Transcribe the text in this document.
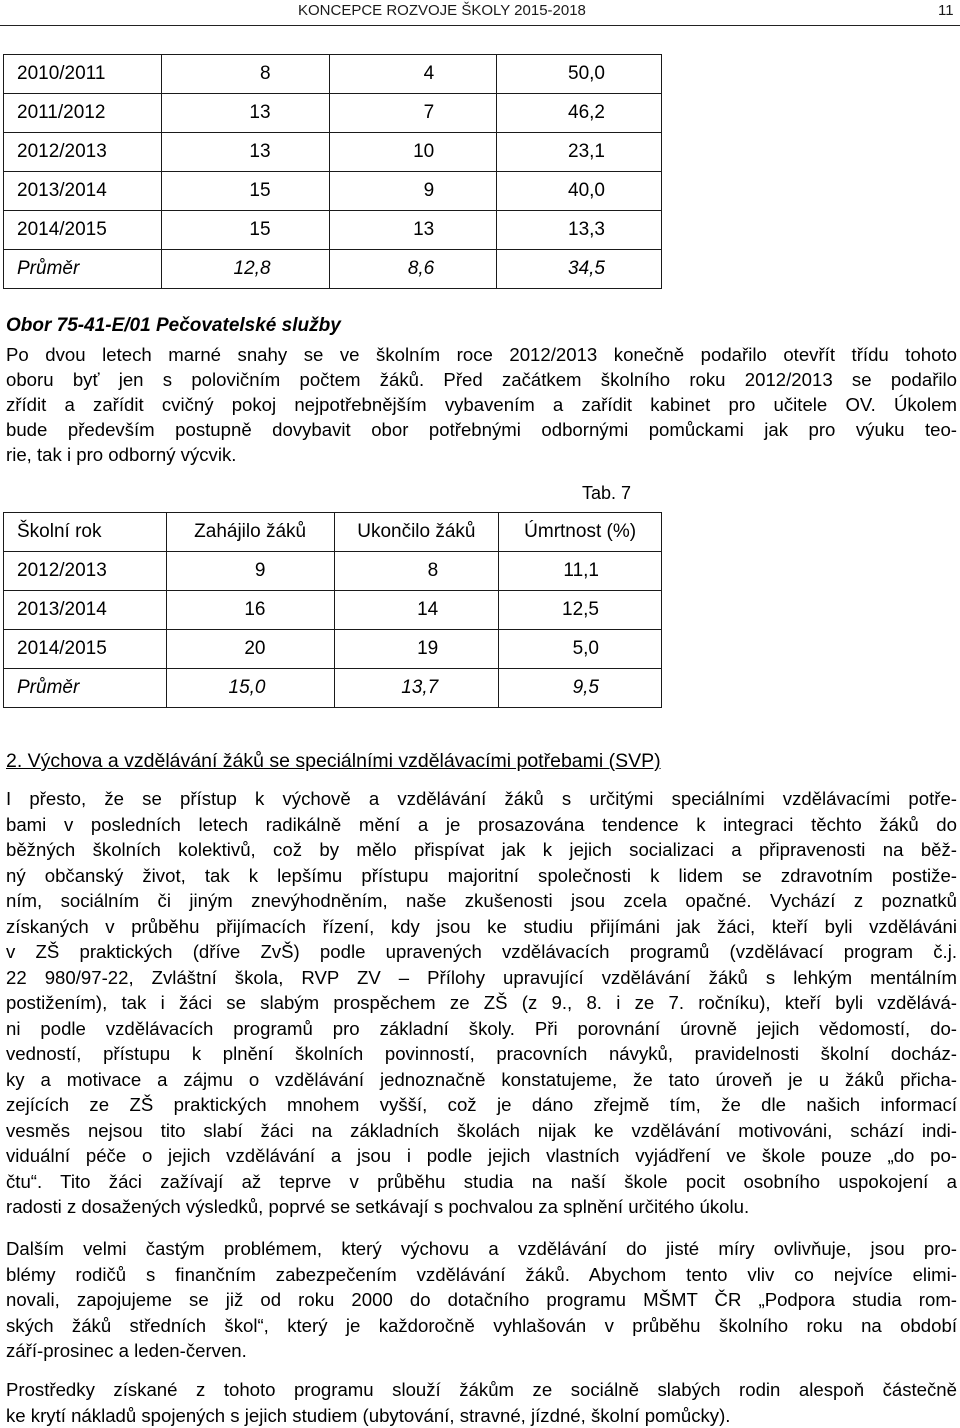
KONCEPCE ROZVOJE ŠKOLY 2015-2018	11
2010/2011	8	4	50,0
2011/2012	13	7	46,2
2012/2013	13	10	23,1
2013/2014	15	9	40,0
2014/2015	15	13	13,3
Průměr	12,8	8,6	34,5
Obor 75-41-E/01 Pečovatelské služby
Po dvou letech marné snahy se ve školním roce 2012/2013 konečně podařilo otevřít třídu tohoto
oboru byť jen s polovičním počtem žáků. Před začátkem školního roku 2012/2013 se podařilo
zřídit a zařídit cvičný pokoj nejpotřebnějším vybavením a zařídit kabinet pro učitele OV. Úkolem
bude především postupně dovybavit obor potřebnými odbornými pomůckami jak pro výuku teo-
rie, tak i pro odborný výcvik.
Tab. 7
Školní rok	Zahájilo žáků	Ukončilo žáků	Úmrtnost (%)
2012/2013	9	8	11,1
2013/2014	16	14	12,5
2014/2015	20	19	5,0
Průměr	15,0	13,7	9,5
2. Výchova a vzdělávání žáků se speciálními vzdělávacími potřebami (SVP)
I přesto, že se přístup k výchově a vzdělávání žáků s určitými speciálními vzdělávacími potře-
bami v posledních letech radikálně mění a je prosazována tendence k integraci těchto žáků do
běžných školních kolektivů, což by mělo přispívat jak k jejich socializaci a připravenosti na běž-
ný občanský život, tak k lepšímu přístupu majoritní společnosti k lidem se zdravotním postiže-
ním, sociálním či jiným znevýhodněním, naše zkušenosti jsou zcela opačné. Vychází z poznatků
získaných v průběhu přijímacích řízení, kdy jsou ke studiu přijímáni jak žáci, kteří byli vzděláváni
v ZŠ praktických (dříve ZvŠ) podle upravených vzdělávacích programů (vzdělávací program č.j.
22 980/97-22, Zvláštní škola, RVP ZV – Přílohy upravující vzdělávání žáků s lehkým mentálním
postižením), tak i žáci se slabým prospěchem ze ZŠ (z 9., 8. i ze 7. ročníku), kteří byli vzdělává-
ni podle vzdělávacích programů pro základní školy. Při porovnání úrovně jejich vědomostí, do-
vedností, přístupu k plnění školních povinností, pracovních návyků, pravidelnosti školní docház-
ky a motivace a zájmu o vzdělávání jednoznačně konstatujeme, že tato úroveň je u žáků přicha-
zejících ze ZŠ praktických mnohem vyšší, což je dáno zřejmě tím, že dle našich informací
vesměs nejsou tito slabí žáci na základních školách nijak ke vzdělávání motivováni, schází indi-
viduální péče o jejich vzdělávání a jsou i podle jejich vlastních vyjádření ve škole pouze „do po-
čtu“. Tito žáci zažívají až teprve v průběhu studia na naší škole pocit osobního uspokojení a
radosti z dosažených výsledků, poprvé se setkávají s pochvalou za splnění určitého úkolu.
Dalším velmi častým problémem, který výchovu a vzdělávání do jisté míry ovlivňuje, jsou pro-
blémy rodičů s finančním zabezpečením vzdělávání žáků. Abychom tento vliv co nejvíce elimi-
novali, zapojujeme se již od roku 2000 do dotačního programu MŠMT ČR „Podpora studia rom-
ských žáků středních škol“, který je každoročně vyhlašován v průběhu školního roku na období
září-prosinec a leden-červen.
Prostředky získané z tohoto programu slouží žákům ze sociálně slabých rodin alespoň částečně
ke krytí nákladů spojených s jejich studiem (ubytování, stravné, jízdné, školní pomůcky).
